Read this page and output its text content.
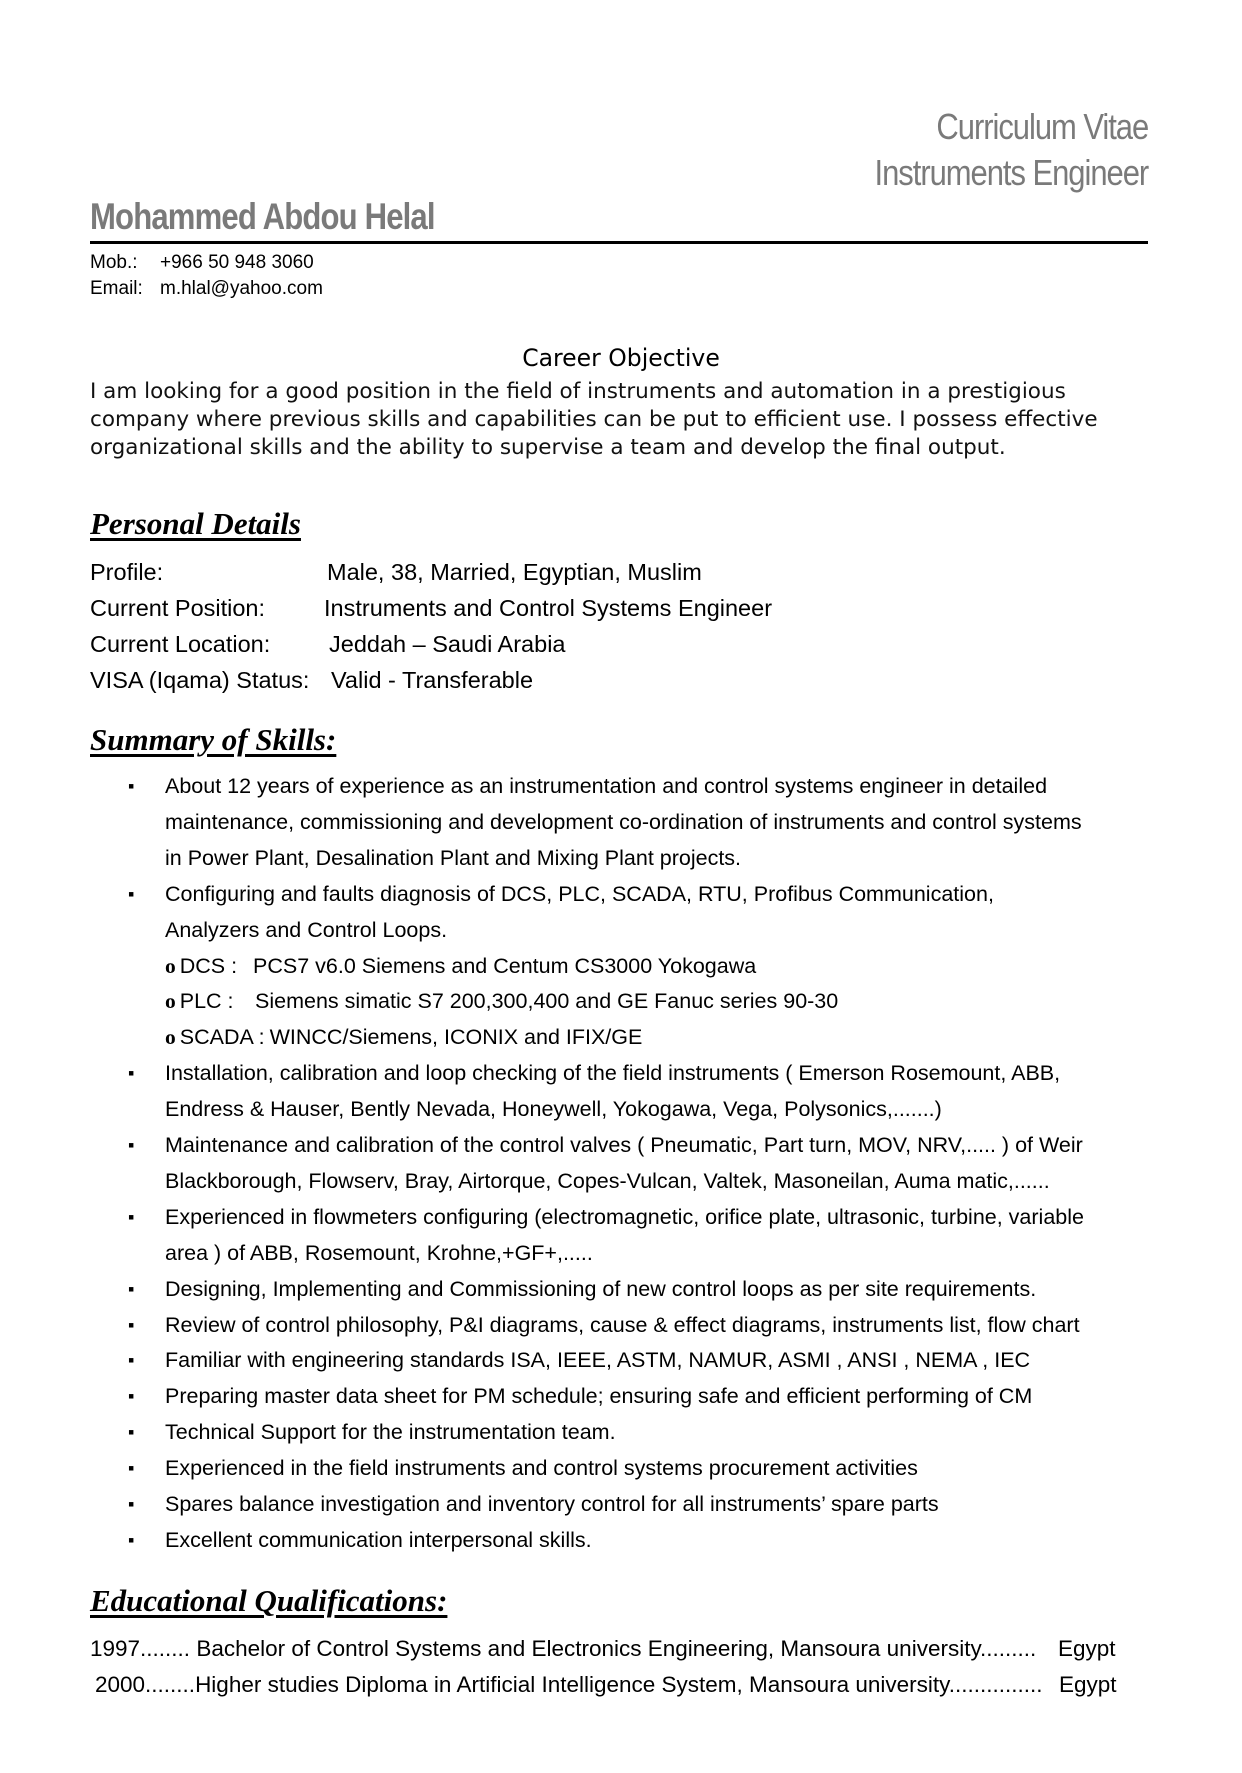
Curriculum Vitae
Instruments Engineer
Mohammed Abdou Helal
Mob.: +966 50 948 3060
Email: m.hlal@yahoo.com
Career Objective
I am looking for a good position in the field of instruments and automation in a prestigious
company where previous skills and capabilities can be put to efficient use. I possess effective
organizational skills and the ability to supervise a team and develop the final output.
Personal Details
Profile:	Male, 38, Married, Egyptian, Muslim
Current Position:	Instruments and Control Systems Engineer
Current Location: Jeddah – Saudi Arabia
VISA (Iqama) Status: Valid - Transferable
Summary of Skills:
▪ About 12 years of experience as an instrumentation and control systems engineer in detailed
maintenance, commissioning and development co-ordination of instruments and control systems
in Power Plant, Desalination Plant and Mixing Plant projects.
▪ Configuring and faults diagnosis of DCS, PLC, SCADA, RTU, Profibus Communication,
Analyzers and Control Loops.
o DCS : PCS7 v6.0 Siemens and Centum CS3000 Yokogawa
o PLC : Siemens simatic S7 200,300,400 and GE Fanuc series 90-30
o SCADA : WINCC/Siemens, ICONIX and IFIX/GE
▪ Installation, calibration and loop checking of the field instruments ( Emerson Rosemount, ABB,
Endress & Hauser, Bently Nevada, Honeywell, Yokogawa, Vega, Polysonics,.......)
▪ Maintenance and calibration of the control valves ( Pneumatic, Part turn, MOV, NRV,..... ) of Weir
Blackborough, Flowserv, Bray, Airtorque, Copes-Vulcan, Valtek, Masoneilan, Auma matic,......
▪ Experienced in flowmeters configuring (electromagnetic, orifice plate, ultrasonic, turbine, variable
area ) of ABB, Rosemount, Krohne,+GF+,.....
▪ Designing, Implementing and Commissioning of new control loops as per site requirements.
▪ Review of control philosophy, P&I diagrams, cause & effect diagrams, instruments list, flow chart
▪ Familiar with engineering standards ISA, IEEE, ASTM, NAMUR, ASMI , ANSI , NEMA , IEC
▪ Preparing master data sheet for PM schedule; ensuring safe and efficient performing of CM
▪ Technical Support for the instrumentation team.
▪ Experienced in the field instruments and control systems procurement activities
▪ Spares balance investigation and inventory control for all instruments’ spare parts
▪ Excellent communication interpersonal skills.
Educational Qualifications:
1997........ Bachelor of Control Systems and Electronics Engineering, Mansoura university......... Egypt
2000........Higher studies Diploma in Artificial Intelligence System, Mansoura university............... Egypt
